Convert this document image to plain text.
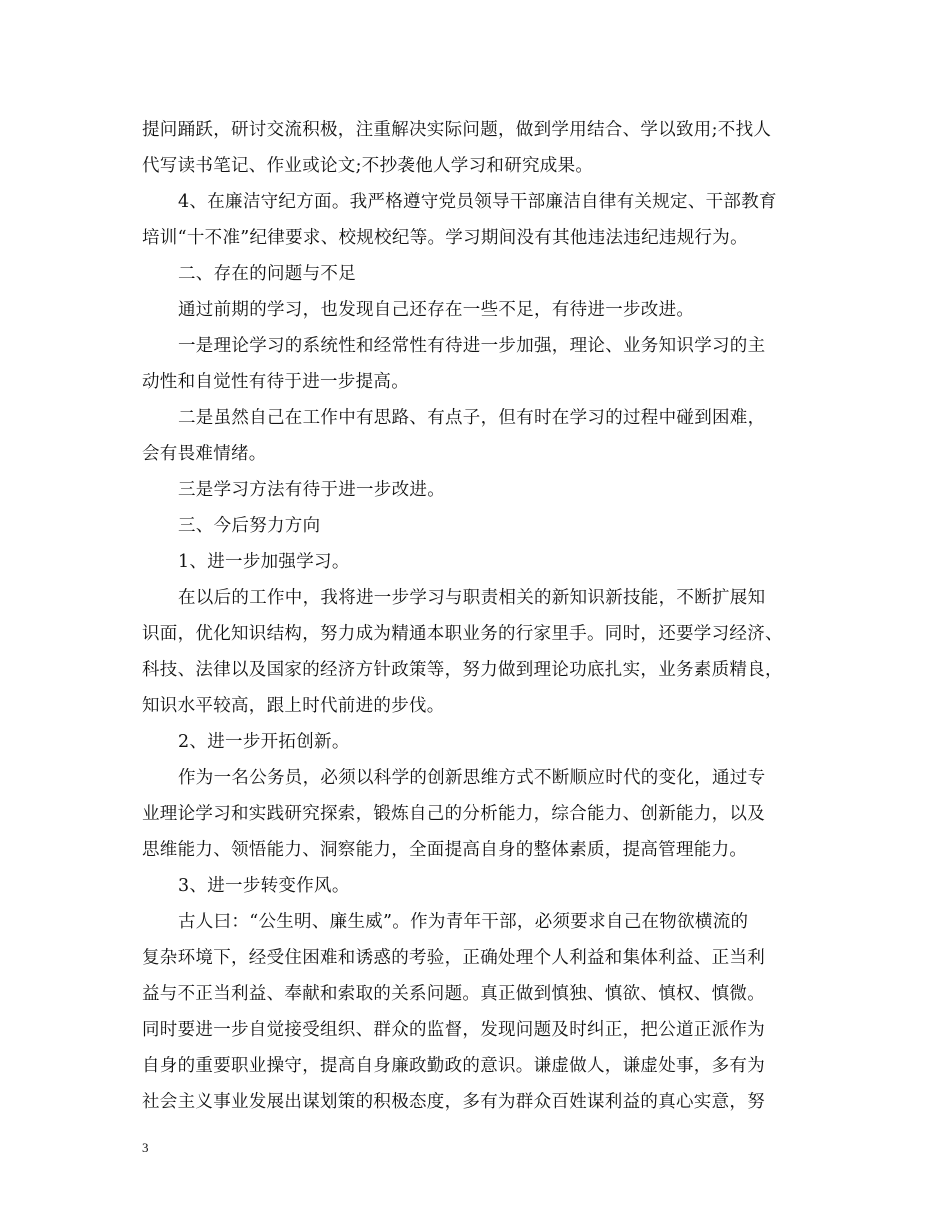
提问踊跃，研讨交流积极，注重解决实际问题，做到学用结合、学以致用;不找人
代写读书笔记、作业或论文;不抄袭他人学习和研究成果。
4、在廉洁守纪方面。我严格遵守党员领导干部廉洁自律有关规定、干部教育
培训“十不准”纪律要求、校规校纪等。学习期间没有其他违法违纪违规行为。
二、存在的问题与不足
通过前期的学习，也发现自己还存在一些不足，有待进一步改进。
一是理论学习的系统性和经常性有待进一步加强，理论、业务知识学习的主
动性和自觉性有待于进一步提高。
二是虽然自己在工作中有思路、有点子，但有时在学习的过程中碰到困难，
会有畏难情绪。
三是学习方法有待于进一步改进。
三、今后努力方向
1、进一步加强学习。
在以后的工作中，我将进一步学习与职责相关的新知识新技能，不断扩展知
识面，优化知识结构，努力成为精通本职业务的行家里手。同时，还要学习经济、
科技、法律以及国家的经济方针政策等，努力做到理论功底扎实，业务素质精良，
知识水平较高，跟上时代前进的步伐。
2、进一步开拓创新。
作为一名公务员，必须以科学的创新思维方式不断顺应时代的变化，通过专
业理论学习和实践研究探索，锻炼自己的分析能力，综合能力、创新能力，以及
思维能力、领悟能力、洞察能力，全面提高自身的整体素质，提高管理能力。
3、进一步转变作风。
古人曰：“公生明、廉生威”。作为青年干部，必须要求自己在物欲横流的
复杂环境下，经受住困难和诱惑的考验，正确处理个人利益和集体利益、正当利
益与不正当利益、奉献和索取的关系问题。真正做到慎独、慎欲、慎权、慎微。
同时要进一步自觉接受组织、群众的监督，发现问题及时纠正，把公道正派作为
自身的重要职业操守，提高自身廉政勤政的意识。谦虚做人，谦虚处事，多有为
社会主义事业发展出谋划策的积极态度，多有为群众百姓谋利益的真心实意，努
3
